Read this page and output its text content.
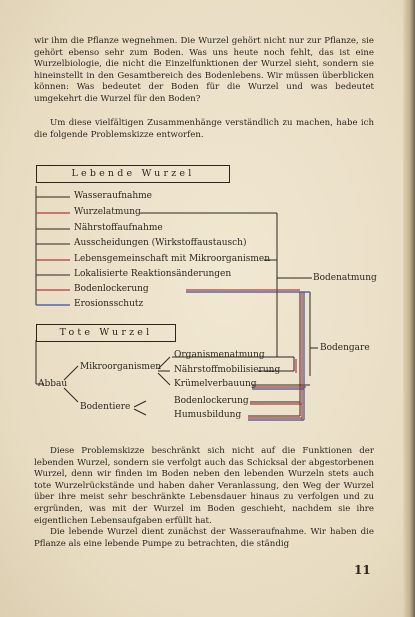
wir ihm die Pflanze wegnehmen. Die Wurzel gehört nicht nur zur Pflanze, sie gehört ebenso sehr zum Boden. Was uns heute noch fehlt, das ist eine Wurzelbiologie, die nicht die Einzelfunktionen der Wurzel sieht, sondern sie hineinstellt in den Gesamtbereich des Bodenlebens. Wir müssen überblicken können: Was bedeutet der Boden für die Wurzel und was bedeutet umgekehrt die Wurzel für den Boden?

Um diese vielfältigen Zusammenhänge verständlich zu machen, habe ich die folgende Problemskizze entworfen.

Lebende Wurzel
Wasseraufnahme
Wurzelatmung
Nährstoffaufnahme
Ausscheidungen (Wirkstoffaustausch)
Lebensgemeinschaft mit Mikroorganismen
Lokalisierte Reaktionsänderungen
Bodenlockerung
Erosionsschutz
Bodenatmung
Bodengare
Tote Wurzel
Abbau
Mikroorganismen
Bodentiere
Organismenatmung
Nährstoffmobilisierung
Krümelverbauung
Bodenlockerung
Humusbildung

Diese Problemskizze beschränkt sich nicht auf die Funktionen der lebenden Wurzel, sondern sie verfolgt auch das Schicksal der abgestorbenen Wurzel, denn wir finden im Boden neben den lebenden Wurzeln stets auch tote Wurzelrückstände und haben daher Veranlassung, den Weg der Wurzel über ihre meist sehr beschränkte Lebensdauer hinaus zu verfolgen und zu ergründen, was mit der Wurzel im Boden geschieht, nachdem sie ihre eigentlichen Lebensaufgaben erfüllt hat.

Die lebende Wurzel dient zunächst der Wasseraufnahme. Wir haben die Pflanze als eine lebende Pumpe zu betrachten, die ständig

11
